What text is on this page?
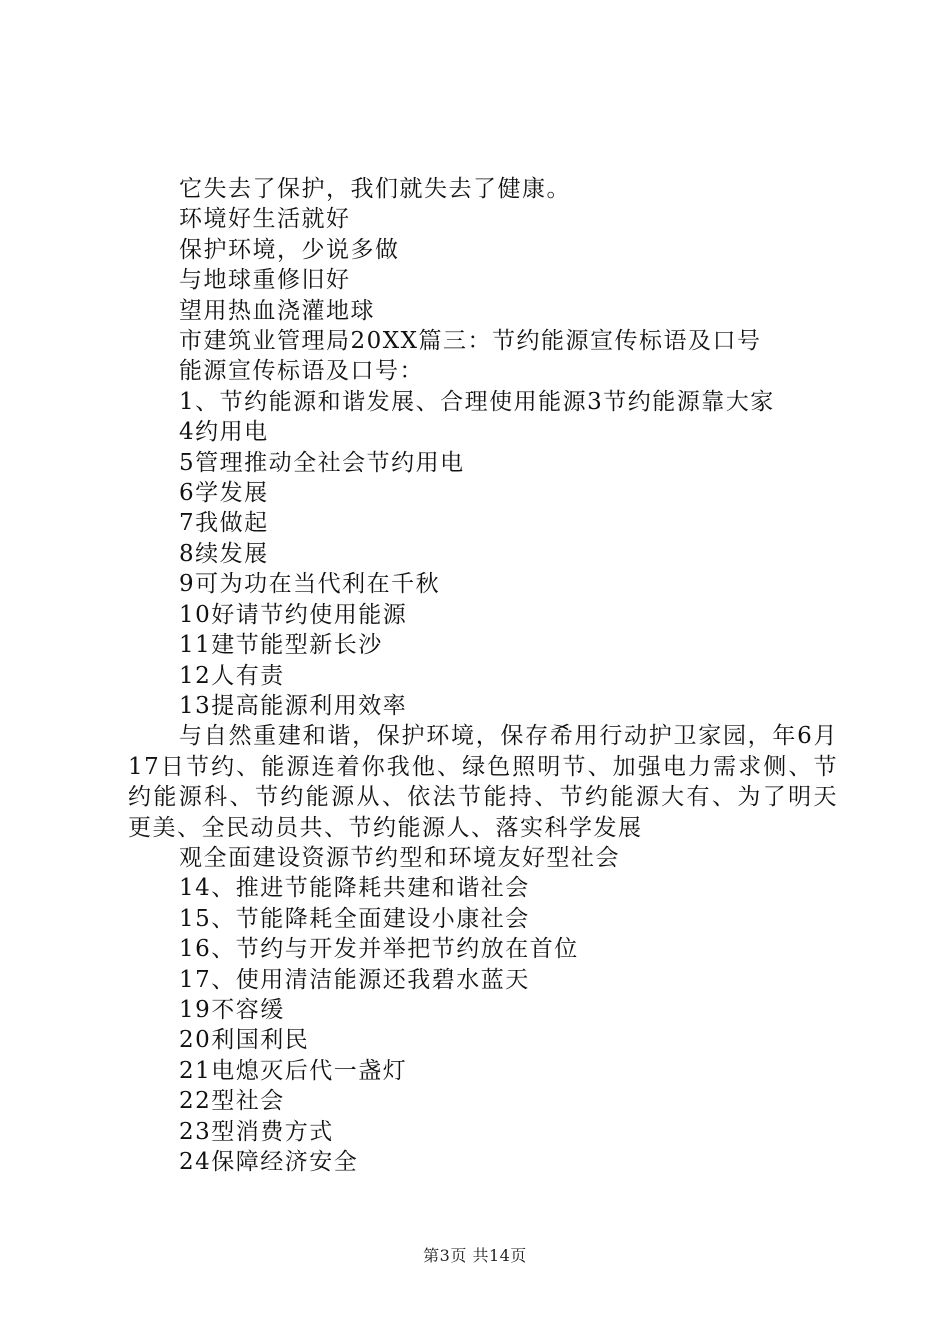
它失去了保护，我们就失去了健康。

环境好生活就好

保护环境，少说多做

与地球重修旧好

望用热血浇灌地球

市建筑业管理局20XX篇三：节约能源宣传标语及口号

能源宣传标语及口号：

1、节约能源和谐发展、合理使用能源3节约能源靠大家

4约用电

5管理推动全社会节约用电

6学发展

7我做起

8续发展

9可为功在当代利在千秋

10好请节约使用能源

11建节能型新长沙

12人有责

13提高能源利用效率

与自然重建和谐，保护环境，保存希用行动护卫家园，年6月17日节约、能源连着你我他、绿色照明节、加强电力需求侧、节约能源科、节约能源从、依法节能持、节约能源大有、为了明天更美、全民动员共、节约能源人、落实科学发展

观全面建设资源节约型和环境友好型社会

14、推进节能降耗共建和谐社会

15、节能降耗全面建设小康社会

16、节约与开发并举把节约放在首位

17、使用清洁能源还我碧水蓝天

19不容缓

20利国利民

21电熄灭后代一盏灯

22型社会

23型消费方式

24保障经济安全

第3页 共14页
